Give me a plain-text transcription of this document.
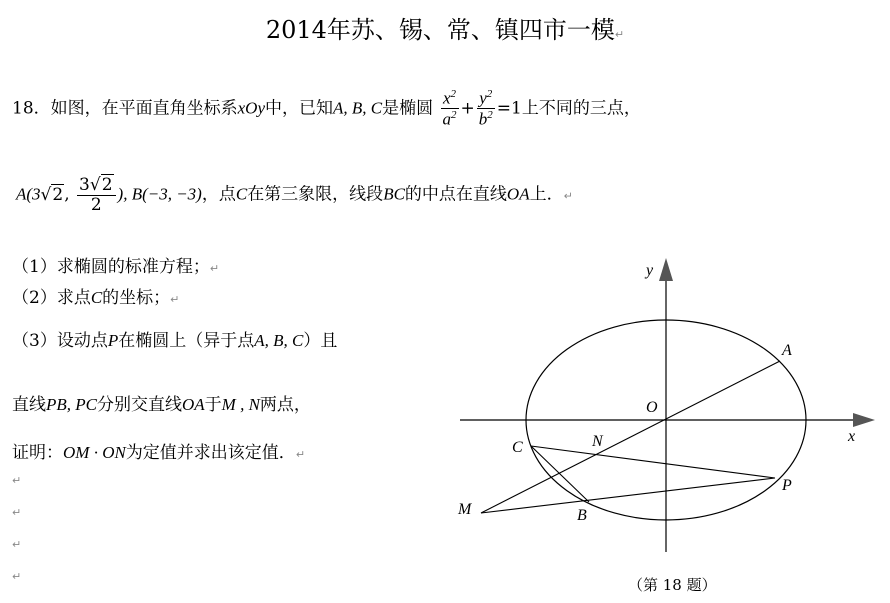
2014年苏、锡、常、镇四市一模↵
18．如图，在平面直角坐标系xOy中，已知A, B, C是椭圆 $\frac{x^2}{a^2} + \frac{y^2}{b^2} =1$上不同的三点，
A(3√2, $\frac{3√2}{2}$ ), B(−3, −3)，点C在第三象限，线段BC的中点在直线OA上．↵
（1）求椭圆的标准方程；↵
（2）求点C的坐标；↵
（3）设动点P在椭圆上（异于点A, B, C）且
直线PB, PC分别交直线OA于M , N两点，
证明：OM · ON为定值并求出该定值．↵
↵
↵
↵
↵
y
x
O
A
C	N
P
M	B
（第 18 题）
